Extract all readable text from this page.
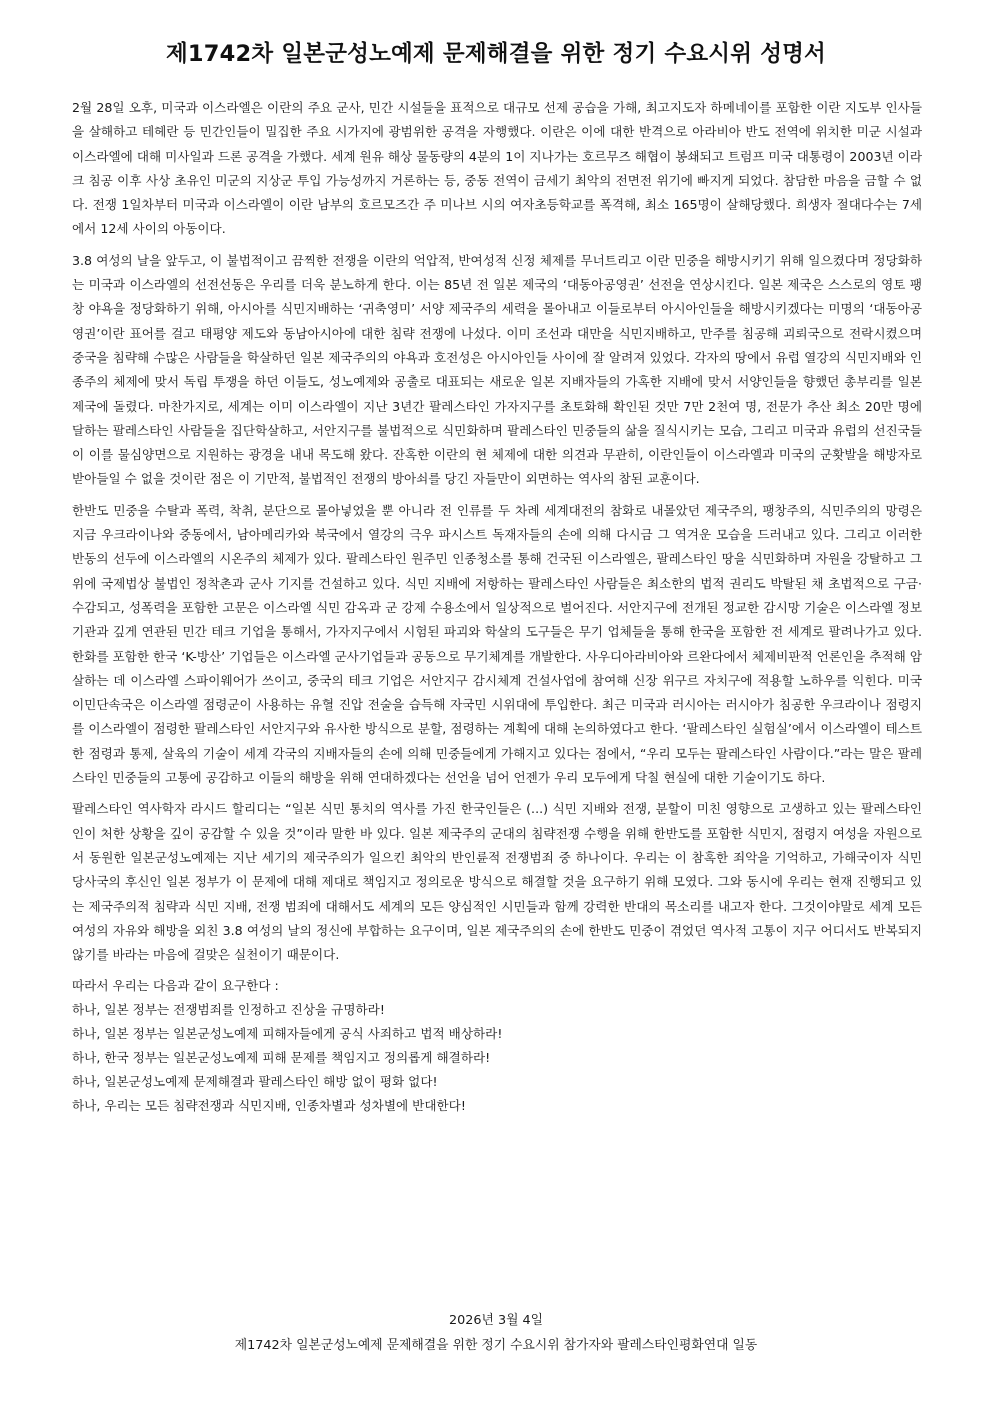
제1742차 일본군성노예제 문제해결을 위한 정기 수요시위 성명서

2월 28일 오후, 미국과 이스라엘은 이란의 주요 군사, 민간 시설들을 표적으로 대규모 선제 공습을 가해, 최고지도자 하메네이를 포함한 이란 지도부 인사들을 살해하고 테헤란 등 민간인들이 밀집한 주요 시가지에 광범위한 공격을 자행했다. 이란은 이에 대한 반격으로 아라비아 반도 전역에 위치한 미군 시설과 이스라엘에 대해 미사일과 드론 공격을 가했다. 세계 원유 해상 물동량의 4분의 1이 지나가는 호르무즈 해협이 봉쇄되고 트럼프 미국 대통령이 2003년 이라크 침공 이후 사상 초유인 미군의 지상군 투입 가능성까지 거론하는 등, 중동 전역이 금세기 최악의 전면전 위기에 빠지게 되었다. 참담한 마음을 금할 수 없다. 전쟁 1일차부터 미국과 이스라엘이 이란 남부의 호르모즈간 주 미나브 시의 여자초등학교를 폭격해, 최소 165명이 살해당했다. 희생자 절대다수는 7세에서 12세 사이의 아동이다.

3.8 여성의 날을 앞두고, 이 불법적이고 끔찍한 전쟁을 이란의 억압적, 반여성적 신정 체제를 무너트리고 이란 민중을 해방시키기 위해 일으켰다며 정당화하는 미국과 이스라엘의 선전선동은 우리를 더욱 분노하게 한다. 이는 85년 전 일본 제국의 ‘대동아공영권’ 선전을 연상시킨다. 일본 제국은 스스로의 영토 팽창 야욕을 정당화하기 위해, 아시아를 식민지배하는 ‘귀축영미’ 서양 제국주의 세력을 몰아내고 이들로부터 아시아인들을 해방시키겠다는 미명의 ‘대동아공영권’이란 표어를 걸고 태평양 제도와 동남아시아에 대한 침략 전쟁에 나섰다. 이미 조선과 대만을 식민지배하고, 만주를 침공해 괴뢰국으로 전락시켰으며 중국을 침략해 수많은 사람들을 학살하던 일본 제국주의의 야욕과 호전성은 아시아인들 사이에 잘 알려져 있었다. 각자의 땅에서 유럽 열강의 식민지배와 인종주의 체제에 맞서 독립 투쟁을 하던 이들도, 성노예제와 공출로 대표되는 새로운 일본 지배자들의 가혹한 지배에 맞서 서양인들을 향했던 총부리를 일본 제국에 돌렸다. 마찬가지로, 세계는 이미 이스라엘이 지난 3년간 팔레스타인 가자지구를 초토화해 확인된 것만 7만 2천여 명, 전문가 추산 최소 20만 명에 달하는 팔레스타인 사람들을 집단학살하고, 서안지구를 불법적으로 식민화하며 팔레스타인 민중들의 삶을 질식시키는 모습, 그리고 미국과 유럽의 선진국들이 이를 물심양면으로 지원하는 광경을 내내 목도해 왔다. 잔혹한 이란의 현 체제에 대한 의견과 무관히, 이란인들이 이스라엘과 미국의 군홧발을 해방자로 받아들일 수 없을 것이란 점은 이 기만적, 불법적인 전쟁의 방아쇠를 당긴 자들만이 외면하는 역사의 참된 교훈이다.

한반도 민중을 수탈과 폭력, 착취, 분단으로 몰아넣었을 뿐 아니라 전 인류를 두 차례 세계대전의 참화로 내몰았던 제국주의, 팽창주의, 식민주의의 망령은 지금 우크라이나와 중동에서, 남아메리카와 북국에서 열강의 극우 파시스트 독재자들의 손에 의해 다시금 그 역겨운 모습을 드러내고 있다. 그리고 이러한 반동의 선두에 이스라엘의 시온주의 체제가 있다. 팔레스타인 원주민 인종청소를 통해 건국된 이스라엘은, 팔레스타인 땅을 식민화하며 자원을 강탈하고 그 위에 국제법상 불법인 정착촌과 군사 기지를 건설하고 있다. 식민 지배에 저항하는 팔레스타인 사람들은 최소한의 법적 권리도 박탈된 채 초법적으로 구금·수감되고, 성폭력을 포함한 고문은 이스라엘 식민 감옥과 군 강제 수용소에서 일상적으로 벌어진다. 서안지구에 전개된 정교한 감시망 기술은 이스라엘 정보기관과 깊게 연관된 민간 테크 기업을 통해서, 가자지구에서 시험된 파괴와 학살의 도구들은 무기 업체들을 통해 한국을 포함한 전 세계로 팔려나가고 있다. 한화를 포함한 한국 ‘K-방산’ 기업들은 이스라엘 군사기업들과 공동으로 무기체계를 개발한다. 사우디아라비아와 르완다에서 체제비판적 언론인을 추적해 암살하는 데 이스라엘 스파이웨어가 쓰이고, 중국의 테크 기업은 서안지구 감시체계 건설사업에 참여해 신장 위구르 자치구에 적용할 노하우를 익힌다. 미국 이민단속국은 이스라엘 점령군이 사용하는 유혈 진압 전술을 습득해 자국민 시위대에 투입한다. 최근 미국과 러시아는 러시아가 침공한 우크라이나 점령지를 이스라엘이 점령한 팔레스타인 서안지구와 유사한 방식으로 분할, 점령하는 계획에 대해 논의하였다고 한다. ‘팔레스타인 실험실’에서 이스라엘이 테스트한 점령과 통제, 살육의 기술이 세계 각국의 지배자들의 손에 의해 민중들에게 가해지고 있다는 점에서, “우리 모두는 팔레스타인 사람이다.”라는 말은 팔레스타인 민중들의 고통에 공감하고 이들의 해방을 위해 연대하겠다는 선언을 넘어 언젠가 우리 모두에게 닥칠 현실에 대한 기술이기도 하다.

팔레스타인 역사학자 라시드 할리디는 “일본 식민 통치의 역사를 가진 한국인들은 (...) 식민 지배와 전쟁, 분할이 미친 영향으로 고생하고 있는 팔레스타인인이 처한 상황을 깊이 공감할 수 있을 것”이라 말한 바 있다. 일본 제국주의 군대의 침략전쟁 수행을 위해 한반도를 포함한 식민지, 점령지 여성을 자원으로서 동원한 일본군성노예제는 지난 세기의 제국주의가 일으킨 최악의 반인륜적 전쟁범죄 중 하나이다. 우리는 이 참혹한 죄악을 기억하고, 가해국이자 식민 당사국의 후신인 일본 정부가 이 문제에 대해 제대로 책임지고 정의로운 방식으로 해결할 것을 요구하기 위해 모였다. 그와 동시에 우리는 현재 진행되고 있는 제국주의적 침략과 식민 지배, 전쟁 범죄에 대해서도 세계의 모든 양심적인 시민들과 함께 강력한 반대의 목소리를 내고자 한다. 그것이야말로 세계 모든 여성의 자유와 해방을 외친 3.8 여성의 날의 정신에 부합하는 요구이며, 일본 제국주의의 손에 한반도 민중이 겪었던 역사적 고통이 지구 어디서도 반복되지 않기를 바라는 마음에 걸맞은 실천이기 때문이다.

따라서 우리는 다음과 같이 요구한다 :
하나, 일본 정부는 전쟁범죄를 인정하고 진상을 규명하라!
하나, 일본 정부는 일본군성노예제 피해자들에게 공식 사죄하고 법적 배상하라!
하나, 한국 정부는 일본군성노예제 피해 문제를 책임지고 정의롭게 해결하라!
하나, 일본군성노예제 문제해결과 팔레스타인 해방 없이 평화 없다!
하나, 우리는 모든 침략전쟁과 식민지배, 인종차별과 성차별에 반대한다!
2026년 3월 4일
제1742차 일본군성노예제 문제해결을 위한 정기 수요시위 참가자와 팔레스타인평화연대 일동
